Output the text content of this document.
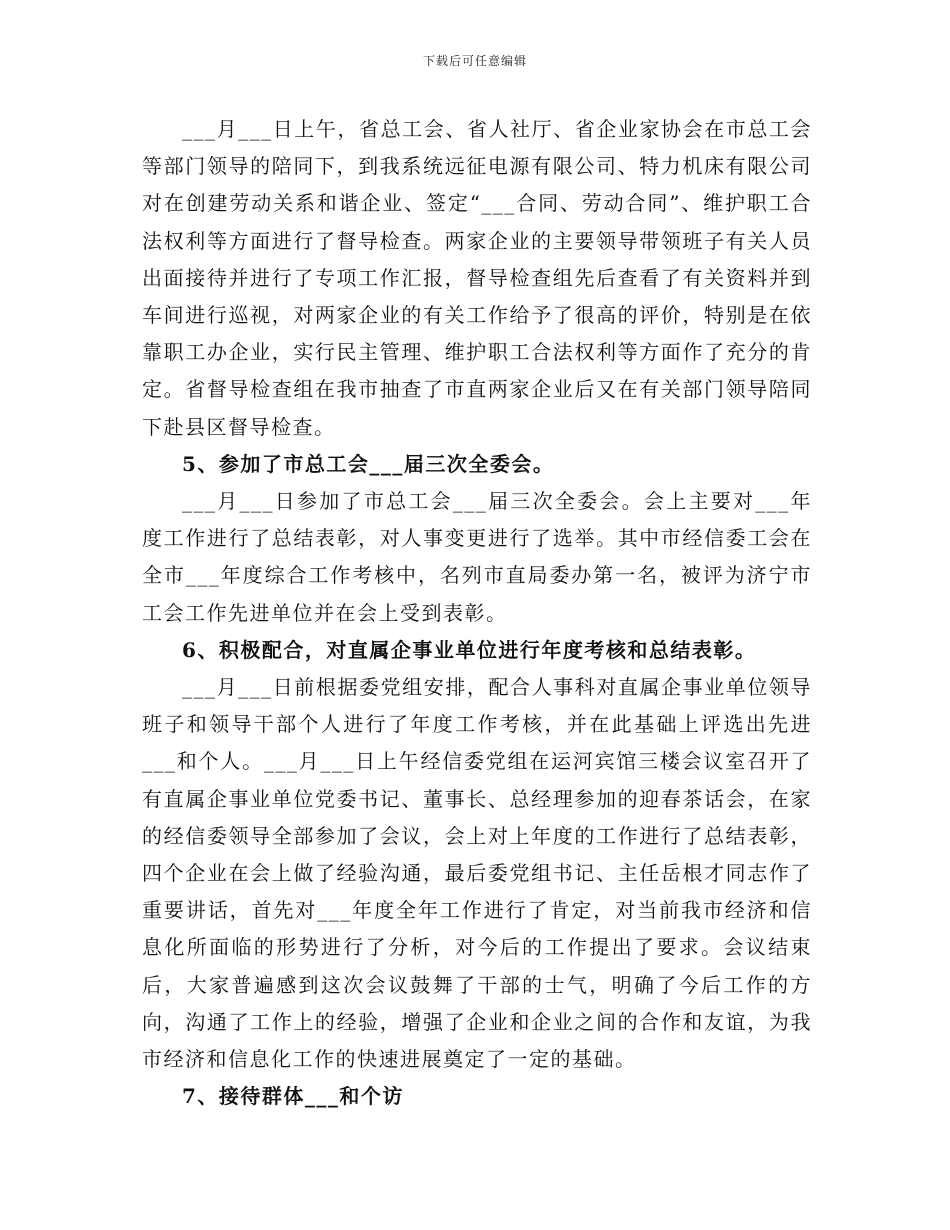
下载后可任意编辑

___月___日上午，省总工会、省人社厅、省企业家协会在市总工会等部门领导的陪同下，到我系统远征电源有限公司、特力机床有限公司对在创建劳动关系和谐企业、签定“___合同、劳动合同”、维护职工合法权利等方面进行了督导检查。两家企业的主要领导带领班子有关人员出面接待并进行了专项工作汇报，督导检查组先后查看了有关资料并到车间进行巡视，对两家企业的有关工作给予了很高的评价，特别是在依靠职工办企业，实行民主管理、维护职工合法权利等方面作了充分的肯定。省督导检查组在我市抽查了市直两家企业后又在有关部门领导陪同下赴县区督导检查。

5、参加了市总工会___届三次全委会。

___月___日参加了市总工会___届三次全委会。会上主要对___年度工作进行了总结表彰，对人事变更进行了选举。其中市经信委工会在全市___年度综合工作考核中，名列市直局委办第一名，被评为济宁市工会工作先进单位并在会上受到表彰。

6、积极配合，对直属企事业单位进行年度考核和总结表彰。

___月___日前根据委党组安排，配合人事科对直属企事业单位领导班子和领导干部个人进行了年度工作考核，并在此基础上评选出先进___和个人。___月___日上午经信委党组在运河宾馆三楼会议室召开了有直属企事业单位党委书记、董事长、总经理参加的迎春茶话会，在家的经信委领导全部参加了会议，会上对上年度的工作进行了总结表彰，四个企业在会上做了经验沟通，最后委党组书记、主任岳根才同志作了重要讲话，首先对___年度全年工作进行了肯定，对当前我市经济和信息化所面临的形势进行了分析，对今后的工作提出了要求。会议结束后，大家普遍感到这次会议鼓舞了干部的士气，明确了今后工作的方向，沟通了工作上的经验，增强了企业和企业之间的合作和友谊，为我市经济和信息化工作的快速进展奠定了一定的基础。

7、接待群体___和个访
